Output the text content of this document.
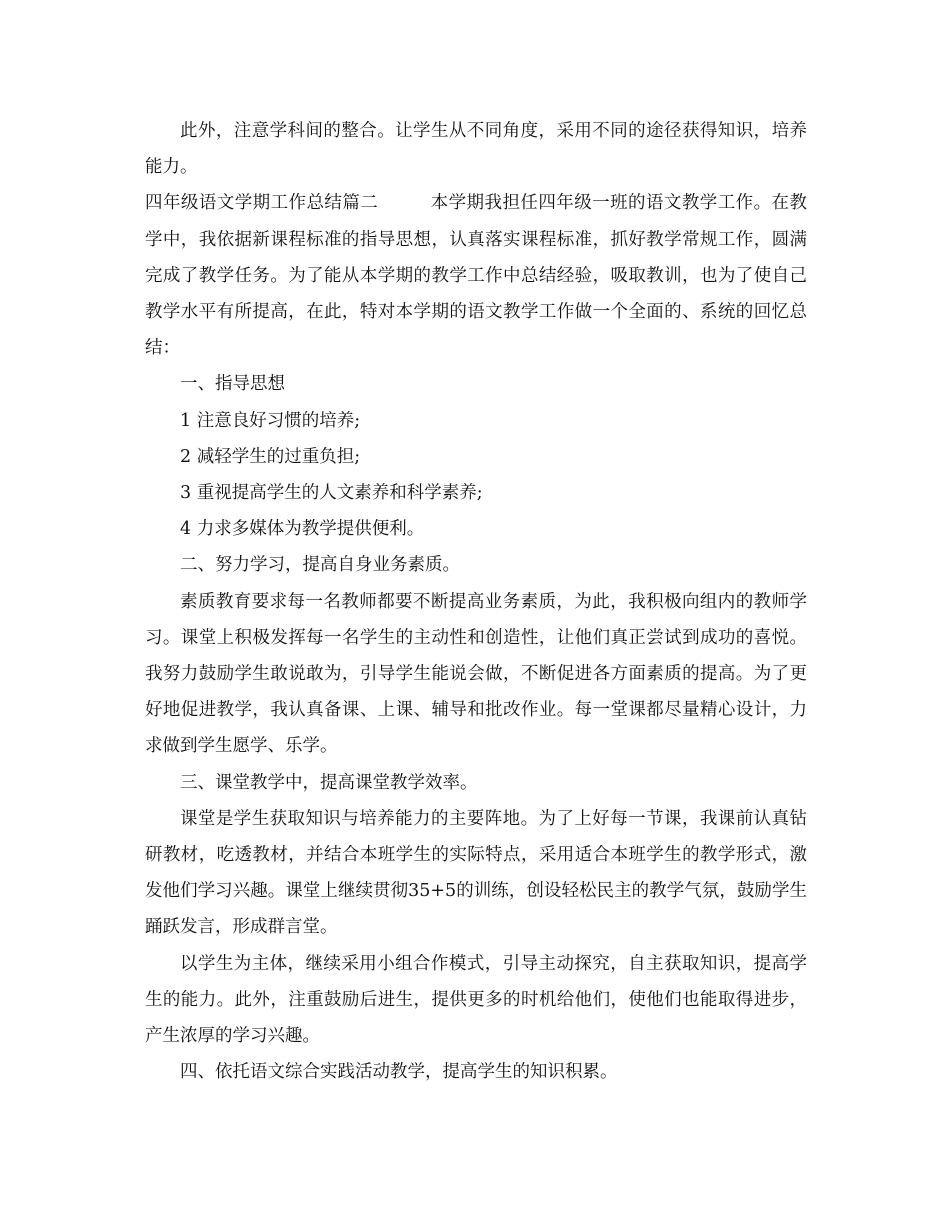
此外，注意学科间的整合。让学生从不同角度，采用不同的途径获得知识，培养能力。

四年级语文学期工作总结篇二	本学期我担任四年级一班的语文教学工作。在教学中，我依据新课程标准的指导思想，认真落实课程标准，抓好教学常规工作，圆满完成了教学任务。为了能从本学期的教学工作中总结经验，吸取教训，也为了使自己教学水平有所提高，在此，特对本学期的语文教学工作做一个全面的、系统的回忆总结：

一、指导思想

1 注意良好习惯的培养;

2 减轻学生的过重负担;

3 重视提高学生的人文素养和科学素养;

4 力求多媒体为教学提供便利。

二、努力学习，提高自身业务素质。

素质教育要求每一名教师都要不断提高业务素质，为此，我积极向组内的教师学习。课堂上积极发挥每一名学生的主动性和创造性，让他们真正尝试到成功的喜悦。我努力鼓励学生敢说敢为，引导学生能说会做，不断促进各方面素质的提高。为了更好地促进教学，我认真备课、上课、辅导和批改作业。每一堂课都尽量精心设计，力求做到学生愿学、乐学。

三、课堂教学中，提高课堂教学效率。

课堂是学生获取知识与培养能力的主要阵地。为了上好每一节课，我课前认真钻研教材，吃透教材，并结合本班学生的实际特点，采用适合本班学生的教学形式，激发他们学习兴趣。课堂上继续贯彻35+5的训练，创设轻松民主的教学气氛，鼓励学生踊跃发言，形成群言堂。

以学生为主体，继续采用小组合作模式，引导主动探究，自主获取知识，提高学生的能力。此外，注重鼓励后进生，提供更多的时机给他们，使他们也能取得进步，产生浓厚的学习兴趣。

四、依托语文综合实践活动教学，提高学生的知识积累。
